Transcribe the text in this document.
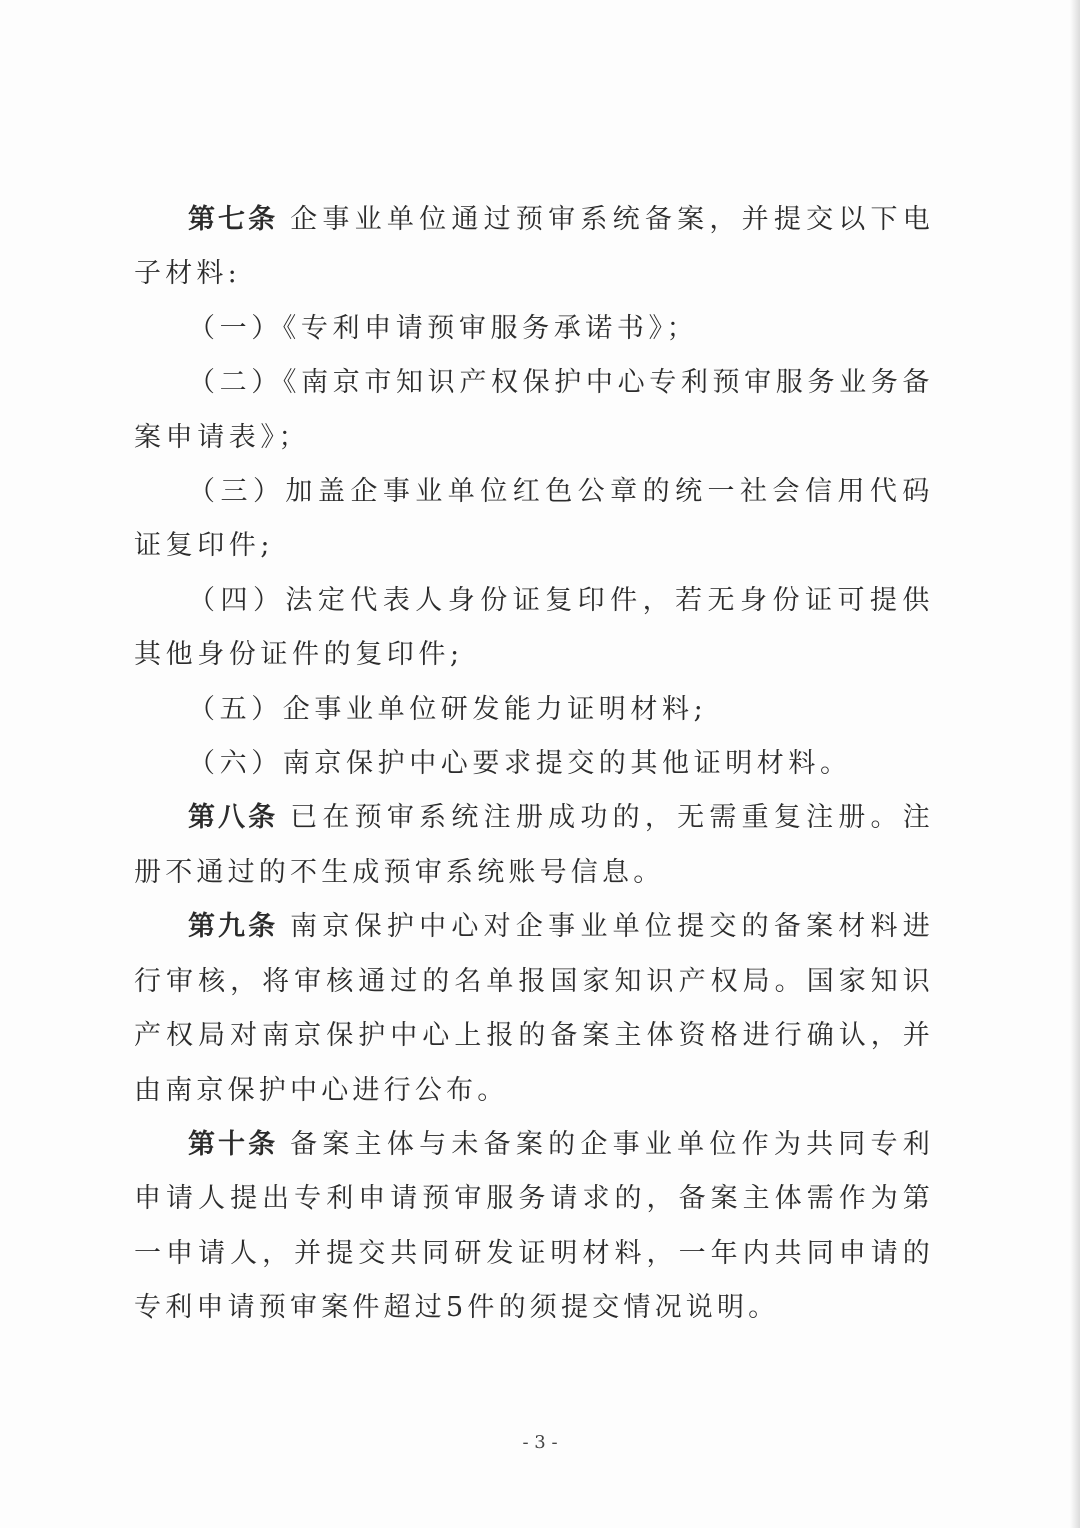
第七条 企事业单位通过预审系统备案，并提交以下电子材料:

（一）《专利申请预审服务承诺书》；

（二）《南京市知识产权保护中心专利预审服务业务备案申请表》；

（三）加盖企事业单位红色公章的统一社会信用代码证复印件;

（四）法定代表人身份证复印件，若无身份证可提供其他身份证件的复印件;

（五）企事业单位研发能力证明材料;

（六）南京保护中心要求提交的其他证明材料。

第八条 已在预审系统注册成功的，无需重复注册。注册不通过的不生成预审系统账号信息。

第九条 南京保护中心对企事业单位提交的备案材料进行审核，将审核通过的名单报国家知识产权局。国家知识产权局对南京保护中心上报的备案主体资格进行确认，并由南京保护中心进行公布。

第十条 备案主体与未备案的企事业单位作为共同专利申请人提出专利申请预审服务请求的，备案主体需作为第一申请人，并提交共同研发证明材料，一年内共同申请的专利申请预审案件超过5件的须提交情况说明。

- 3 -
